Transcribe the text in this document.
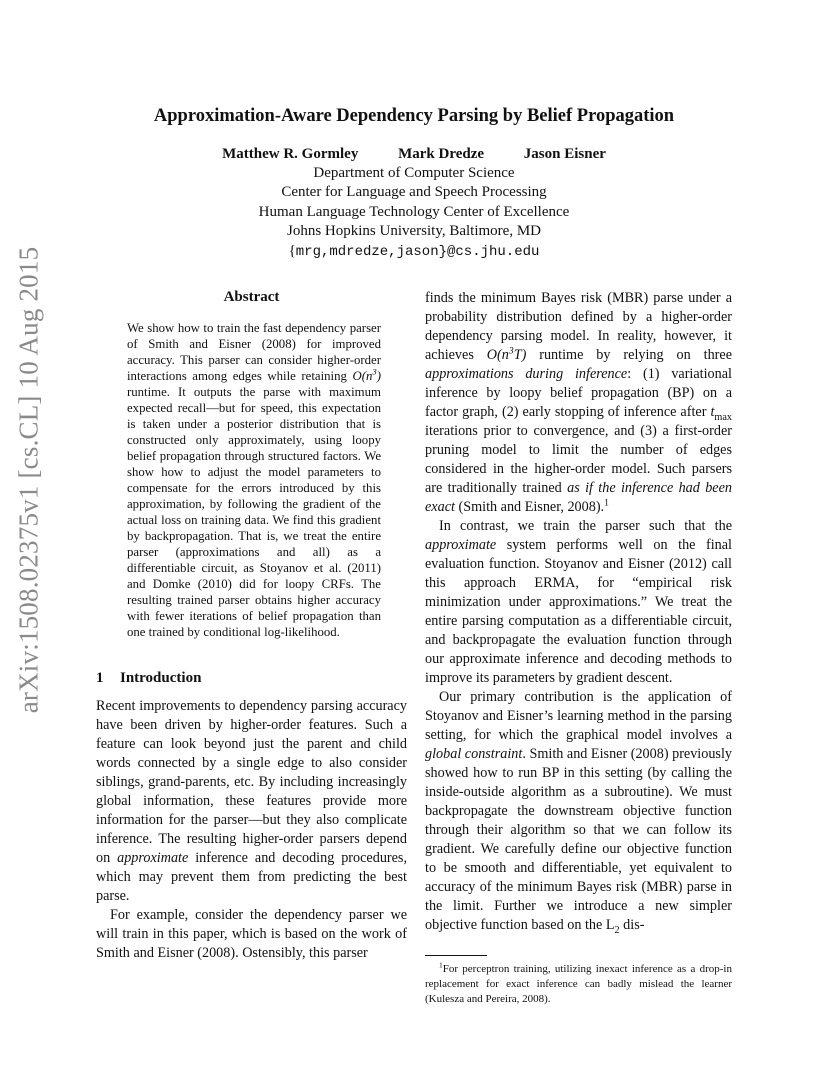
arXiv:1508.02375v1 [cs.CL] 10 Aug 2015
Approximation-Aware Dependency Parsing by Belief Propagation
Matthew R. Gormley	Mark Dredze	Jason Eisner
Department of Computer Science
Center for Language and Speech Processing
Human Language Technology Center of Excellence
Johns Hopkins University, Baltimore, MD
{mrg,mdredze,jason}@cs.jhu.edu
Abstract

We show how to train the fast dependency parser of Smith and Eisner (2008) for improved accuracy. This parser can consider higher-order interactions among edges while retaining $O(n^3)$ runtime. It outputs the parse with maximum expected recall—but for speed, this expectation is taken under a posterior distribution that is constructed only approximately, using loopy belief propagation through structured factors. We show how to adjust the model parameters to compensate for the errors introduced by this approximation, by following the gradient of the actual loss on training data. We find this gradient by backpropagation. That is, we treat the entire parser (approximations and all) as a differentiable circuit, as Stoyanov et al. (2011) and Domke (2010) did for loopy CRFs. The resulting trained parser obtains higher accuracy with fewer iterations of belief propagation than one trained by conditional log-likelihood.

1 Introduction

Recent improvements to dependency parsing accuracy have been driven by higher-order features. Such a feature can look beyond just the parent and child words connected by a single edge to also consider siblings, grand-parents, etc. By including increasingly global information, these features provide more information for the parser—but they also complicate inference. The resulting higher-order parsers depend on approximate inference and decoding procedures, which may prevent them from predicting the best parse.

For example, consider the dependency parser we will train in this paper, which is based on the work of Smith and Eisner (2008). Ostensibly, this parser

finds the minimum Bayes risk (MBR) parse under a probability distribution defined by a higher-order dependency parsing model. In reality, however, it achieves $O(n^3T)$ runtime by relying on three approximations during inference: (1) variational inference by loopy belief propagation (BP) on a factor graph, (2) early stopping of inference after $t_{max}$ iterations prior to convergence, and (3) a first-order pruning model to limit the number of edges considered in the higher-order model. Such parsers are traditionally trained as if the inference had been exact (Smith and Eisner, 2008).$^1$

In contrast, we train the parser such that the approximate system performs well on the final evaluation function. Stoyanov and Eisner (2012) call this approach ERMA, for “empirical risk minimization under approximations.” We treat the entire parsing computation as a differentiable circuit, and backpropagate the evaluation function through our approximate inference and decoding methods to improve its parameters by gradient descent.

Our primary contribution is the application of Stoyanov and Eisner’s learning method in the parsing setting, for which the graphical model involves a global constraint. Smith and Eisner (2008) previously showed how to run BP in this setting (by calling the inside-outside algorithm as a subroutine). We must backpropagate the downstream objective function through their algorithm so that we can follow its gradient. We carefully define our objective function to be smooth and differentiable, yet equivalent to accuracy of the minimum Bayes risk (MBR) parse in the limit. Further we introduce a new simpler objective function based on the $L_2$ dis-

$^1$For perceptron training, utilizing inexact inference as a drop-in replacement for exact inference can badly mislead the learner (Kulesza and Pereira, 2008).
